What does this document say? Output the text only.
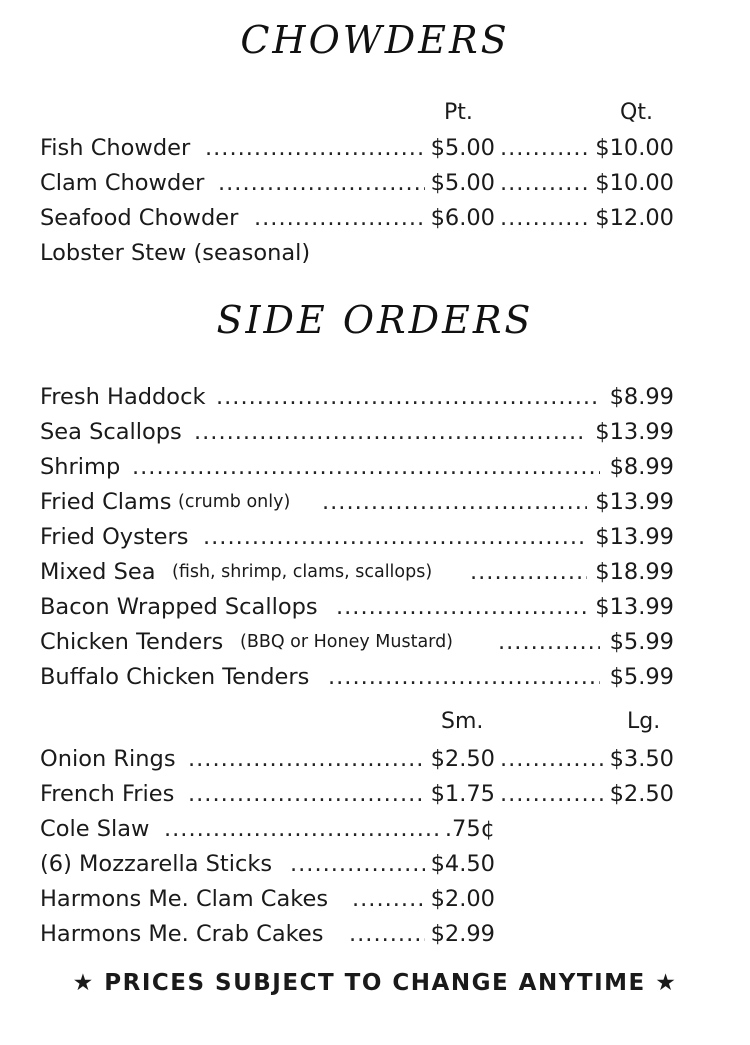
CHOWDERS
Pt.	Qt.
Fish Chowder .....	$5.00 .....	$10.00
Clam Chowder .....	$5.00 .....	$10.00
Seafood Chowder .....	$6.00 .....	$12.00
Lobster Stew (seasonal)
SIDE ORDERS
Fresh Haddock .....	$8.99
Sea Scallops .....	$13.99
Shrimp .....	$8.99
Fried Clams (crumb only) .....	$13.99
Fried Oysters .....	$13.99
Mixed Sea (fish, shrimp, clams, scallops) .....	$18.99
Bacon Wrapped Scallops .....	$13.99
Chicken Tenders (BBQ or Honey Mustard) .....	$5.99
Buffalo Chicken Tenders .....	$5.99
Sm.	Lg.
Onion Rings .....	$2.50 .....	$3.50
French Fries .....	$1.75 .....	$2.50
Cole Slaw .....	.75¢
(6) Mozzarella Sticks .....	$4.50
Harmons Me. Clam Cakes .....	$2.00
Harmons Me. Crab Cakes .....	$2.99
★ PRICES SUBJECT TO CHANGE ANYTIME ★
